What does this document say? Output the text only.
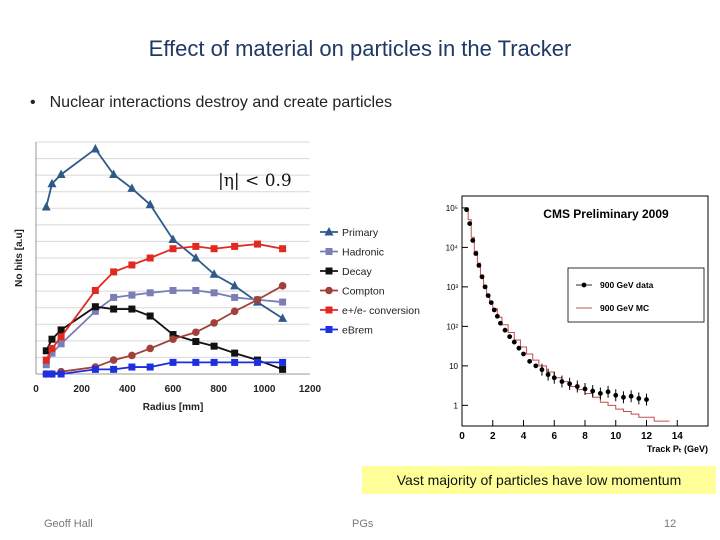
Effect of material on particles in the Tracker
• Nuclear interactions destroy and create particles
0	200	400	600	800	1000 1200
Radius [mm]
No hits [a.u]
|η| < 0.9
Primary
Hadronic
Decay
Compton
e+/e- conversion
eBrem
CMS Preliminary 2009
0	2	4	6	8 10 12 14
Track Pₜ (GeV)
1
10
10²
10³
10⁴
10⁵
900 GeV data
900 GeV MC
Vast majority of particles have low momentum
Geoff Hall	PGs	12
